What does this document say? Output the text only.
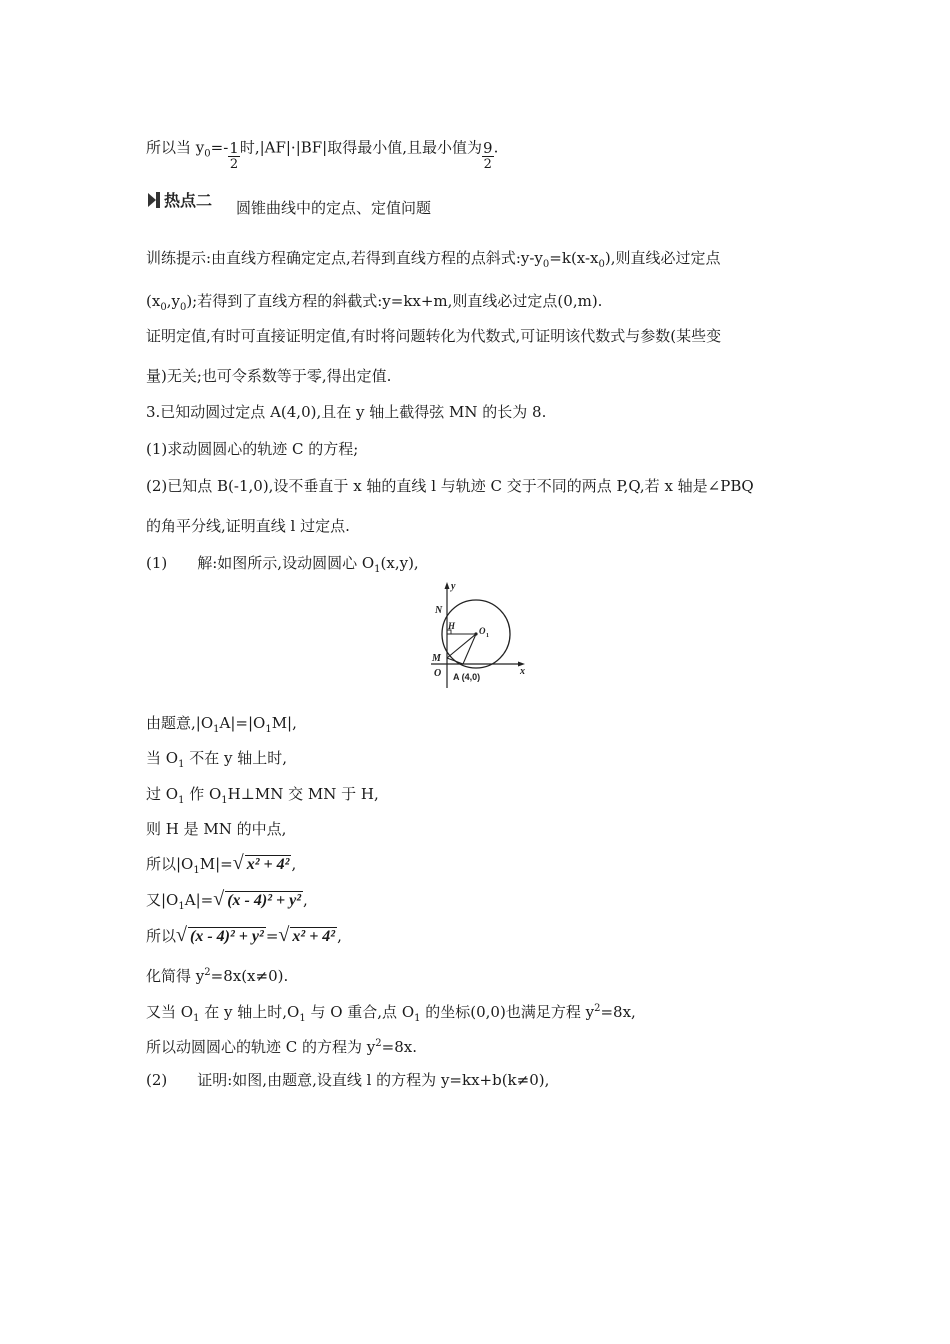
所以当 $y_0=- \frac{1}{2}$ 时,|AF|·|BF|取得最小值,且最小值为 $\frac{9}{2}$ .
热点二 圆锥曲线中的定点、定值问题
训练提示:由直线方程确定定点,若得到直线方程的点斜式$:y-y_0=k(x-x_0)$,则直线必过定点
$(x_0,y_0)$;若得到了直线方程的斜截式:y=kx+m,则直线必过定点(0,m).
证明定值,有时可直接证明定值,有时将问题转化为代数式,可证明该代数式与参数(某些变
量)无关;也可令系数等于零,得出定值.
3.已知动圆过定点 A(4,0),且在 y 轴上截得弦 MN 的长为 8.
(1)求动圆圆心的轨迹 C 的方程;
(2)已知点 B(-1,0),设不垂直于 x 轴的直线 l 与轨迹 C 交于不同的两点 P,Q,若 x 轴是∠PBQ
的角平分线,证明直线 l 过定点.
(1) 解:如图所示,设动圆圆心 $O_1(x,y)$,
y
x
N
H	O 1
M
O A (4,0)
由题意$,|O_1A|=|O_1M|$,
当 $O_1$ 不在 y 轴上时,
过 $O_1$ 作 $O_1H\perp MN$ 交 MN 于 H,
则 H 是 MN 的中点,
所以$|O_1M|=$ √ x² + 4² ,
又$|O_1A|=$ √ (x - 4)² + y² ,
所以 √ (x - 4)² + y² = √ x² + 4² ,
化简得 $y^2=8x(x\ne 0)$.
又当 $O_1$ 在 y 轴上时$,O_1$ 与 O 重合,点 $O_1$ 的坐标(0,0)也满足方程 $y^2=8x$,
所以动圆圆心的轨迹 C 的方程为 $y^2=8x$.
(2) 证明:如图,由题意,设直线 l 的方程为 y=kx+b(k≠0),
